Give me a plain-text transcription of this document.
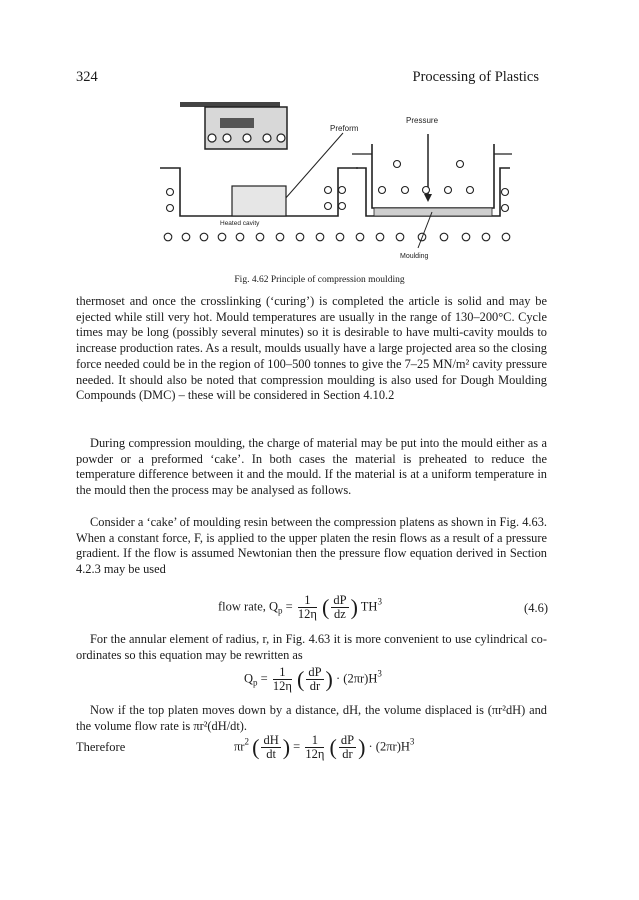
324	Processing of Plastics
Preform
Pressure
Heated cavity
Moulding
Fig. 4.62 Principle of compression moulding

thermoset and once the crosslinking (‘curing’) is completed the article is solid and may be ejected while still very hot. Mould temperatures are usually in the range of 130–200°C. Cycle times may be long (possibly several minutes) so it is desirable to have multi-cavity moulds to increase production rates. As a result, moulds usually have a large projected area so the closing force needed could be in the region of 100–500 tonnes to give the 7–25 MN/m² cavity pressure needed. It should also be noted that compression moulding is also used for Dough Moulding Compounds (DMC) – these will be considered in Section 4.10.2

During compression moulding, the charge of material may be put into the mould either as a powder or a preformed ‘cake’. In both cases the material is preheated to reduce the temperature difference between it and the mould. If the material is at a uniform temperature in the mould then the process may be analysed as follows.

Consider a ‘cake’ of moulding resin between the compression platens as shown in Fig. 4.63. When a constant force, F, is applied to the upper platen the resin flows as a result of a pressure gradient. If the flow is assumed Newtonian then the pressure flow equation derived in Section 4.2.3 may be used

flow rate, $Q_p = \frac{1}{12\eta}$ ( $\frac{dP}{dz}$ ) $TH^3$	(4.6)

For the annular element of radius, r, in Fig. 4.63 it is more convenient to use cylindrical co-ordinates so this equation may be rewritten as

$Q_p = \frac{1}{12\eta}$ ( $\frac{dP}{dr}$ ) · $(2\pi r)H^3$

Now if the top platen moves down by a distance, dH, the volume displaced is (πr²dH) and the volume flow rate is πr²(dH/dt).

Therefore	$\pi r^2$ ( $\frac{dH}{dt}$ ) = $\frac{1}{12\eta}$ ( $\frac{dP}{dr}$ ) · $(2\pi r)H^3$
